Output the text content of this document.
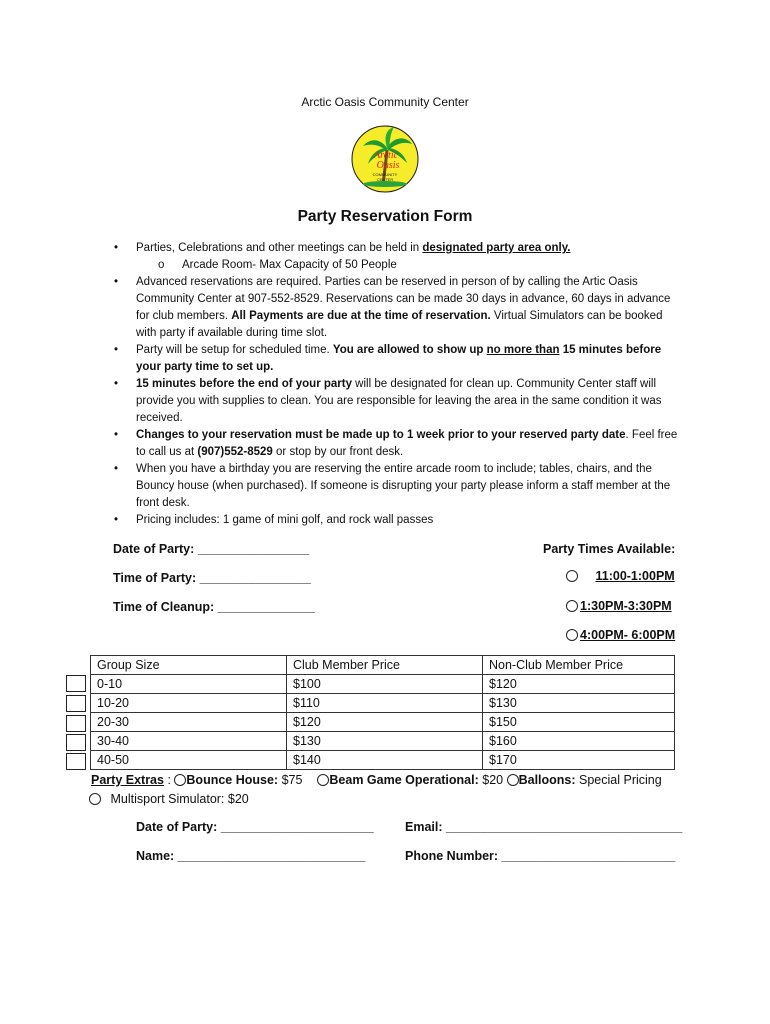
Arctic Oasis Community Center
Arctic
Oasis
COMMUNITY
CENTER
Party Reservation Form
• Parties, Celebrations and other meetings can be held in designated party area only.
o Arcade Room- Max Capacity of 50 People
• Advanced reservations are required. Parties can be reserved in person of by calling the Artic Oasis Community Center at 907-552-8529. Reservations can be made 30 days in advance, 60 days in advance for club members. All Payments are due at the time of reservation. Virtual Simulators can be booked with party if available during time slot.
• Party will be setup for scheduled time. You are allowed to show up no more than 15 minutes before your party time to set up.
• 15 minutes before the end of your party will be designated for clean up. Community Center staff will provide you with supplies to clean. You are responsible for leaving the area in the same condition it was received.
• Changes to your reservation must be made up to 1 week prior to your reserved party date. Feel free to call us at (907)552-8529 or stop by our front desk.
• When you have a birthday you are reserving the entire arcade room to include; tables, chairs, and the Bouncy house (when purchased). If someone is disrupting your party please inform a staff member at the front desk.
• Pricing includes: 1 game of mini golf, and rock wall passes
Date of Party: ________________
Time of Party: ________________
Time of Cleanup: ______________
Party Times Available:
11:00-1:00PM
1:30PM-3:30PM
4:00PM- 6:00PM
Group Size	Club Member Price	Non-Club Member Price
0-10	$100	$120
10-20	$110	$130
20-30	$120	$150
30-40	$130	$160
40-50	$140	$170
Party Extras : Bounce House: $75 Beam Game Operational: $20 Balloons: Special Pricing
Multisport Simulator: $20
Date of Party: ______________________	Email: __________________________________
Name: ___________________________	Phone Number: _________________________
